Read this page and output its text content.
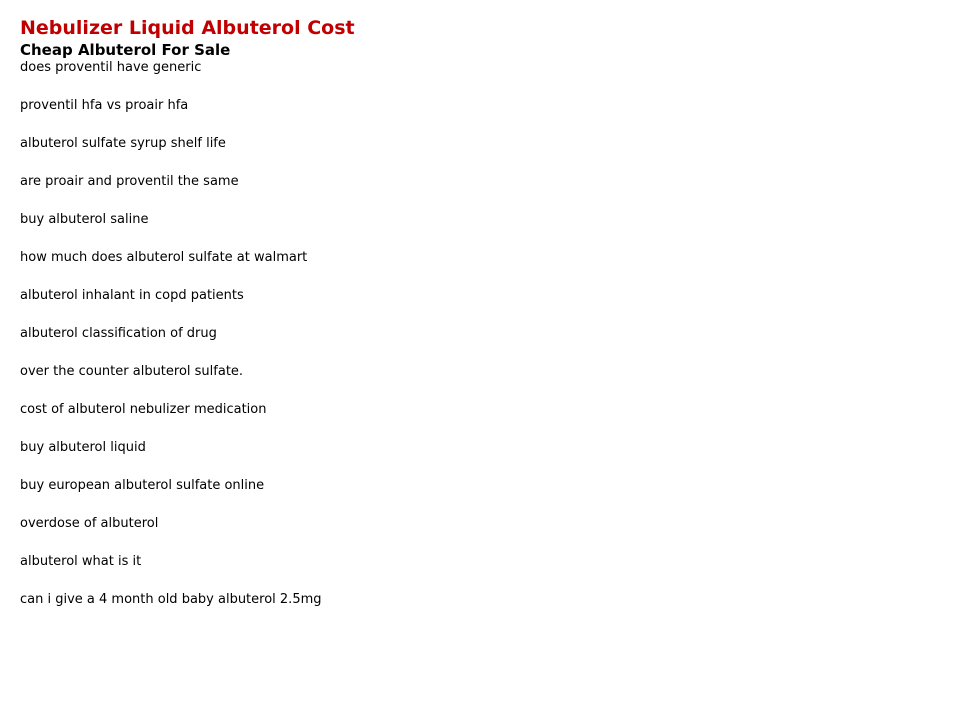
Nebulizer Liquid Albuterol Cost
Cheap Albuterol For Sale
does proventil have generic
proventil hfa vs proair hfa
albuterol sulfate syrup shelf life
are proair and proventil the same
buy albuterol saline
how much does albuterol sulfate at walmart
albuterol inhalant in copd patients
albuterol classification of drug
over the counter albuterol sulfate.
cost of albuterol nebulizer medication
buy albuterol liquid
buy european albuterol sulfate online
overdose of albuterol
albuterol what is it
can i give a 4 month old baby albuterol 2.5mg
